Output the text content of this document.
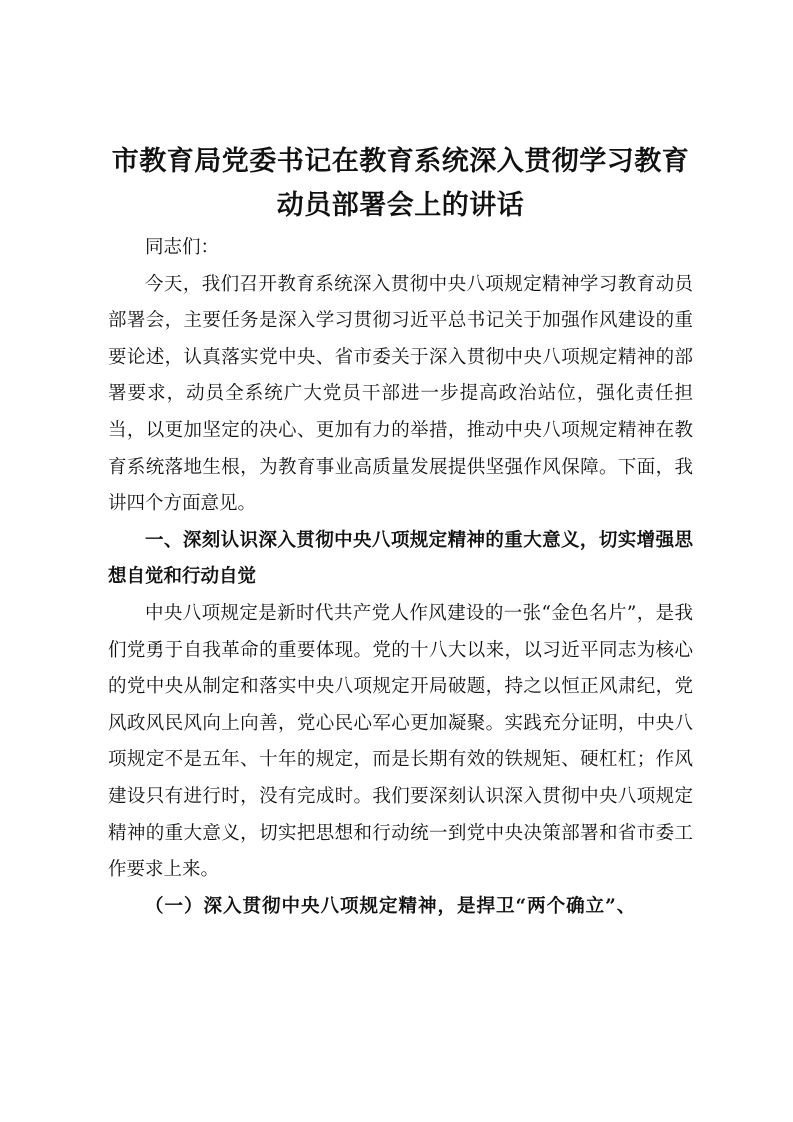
市教育局党委书记在教育系统深入贯彻学习教育动员部署会上的讲话

同志们：

今天，我们召开教育系统深入贯彻中央八项规定精神学习教育动员部署会，主要任务是深入学习贯彻习近平总书记关于加强作风建设的重要论述，认真落实党中央、省市委关于深入贯彻中央八项规定精神的部署要求，动员全系统广大党员干部进一步提高政治站位，强化责任担当，以更加坚定的决心、更加有力的举措，推动中央八项规定精神在教育系统落地生根，为教育事业高质量发展提供坚强作风保障。下面，我讲四个方面意见。

一、深刻认识深入贯彻中央八项规定精神的重大意义，切实增强思想自觉和行动自觉

中央八项规定是新时代共产党人作风建设的一张“金色名片”，是我们党勇于自我革命的重要体现。党的十八大以来，以习近平同志为核心的党中央从制定和落实中央八项规定开局破题，持之以恒正风肃纪，党风政风民风向上向善，党心民心军心更加凝聚。实践充分证明，中央八项规定不是五年、十年的规定，而是长期有效的铁规矩、硬杠杠；作风建设只有进行时，没有完成时。我们要深刻认识深入贯彻中央八项规定精神的重大意义，切实把思想和行动统一到党中央决策部署和省市委工作要求上来。

（一）深入贯彻中央八项规定精神，是捍卫“两个确立”、
